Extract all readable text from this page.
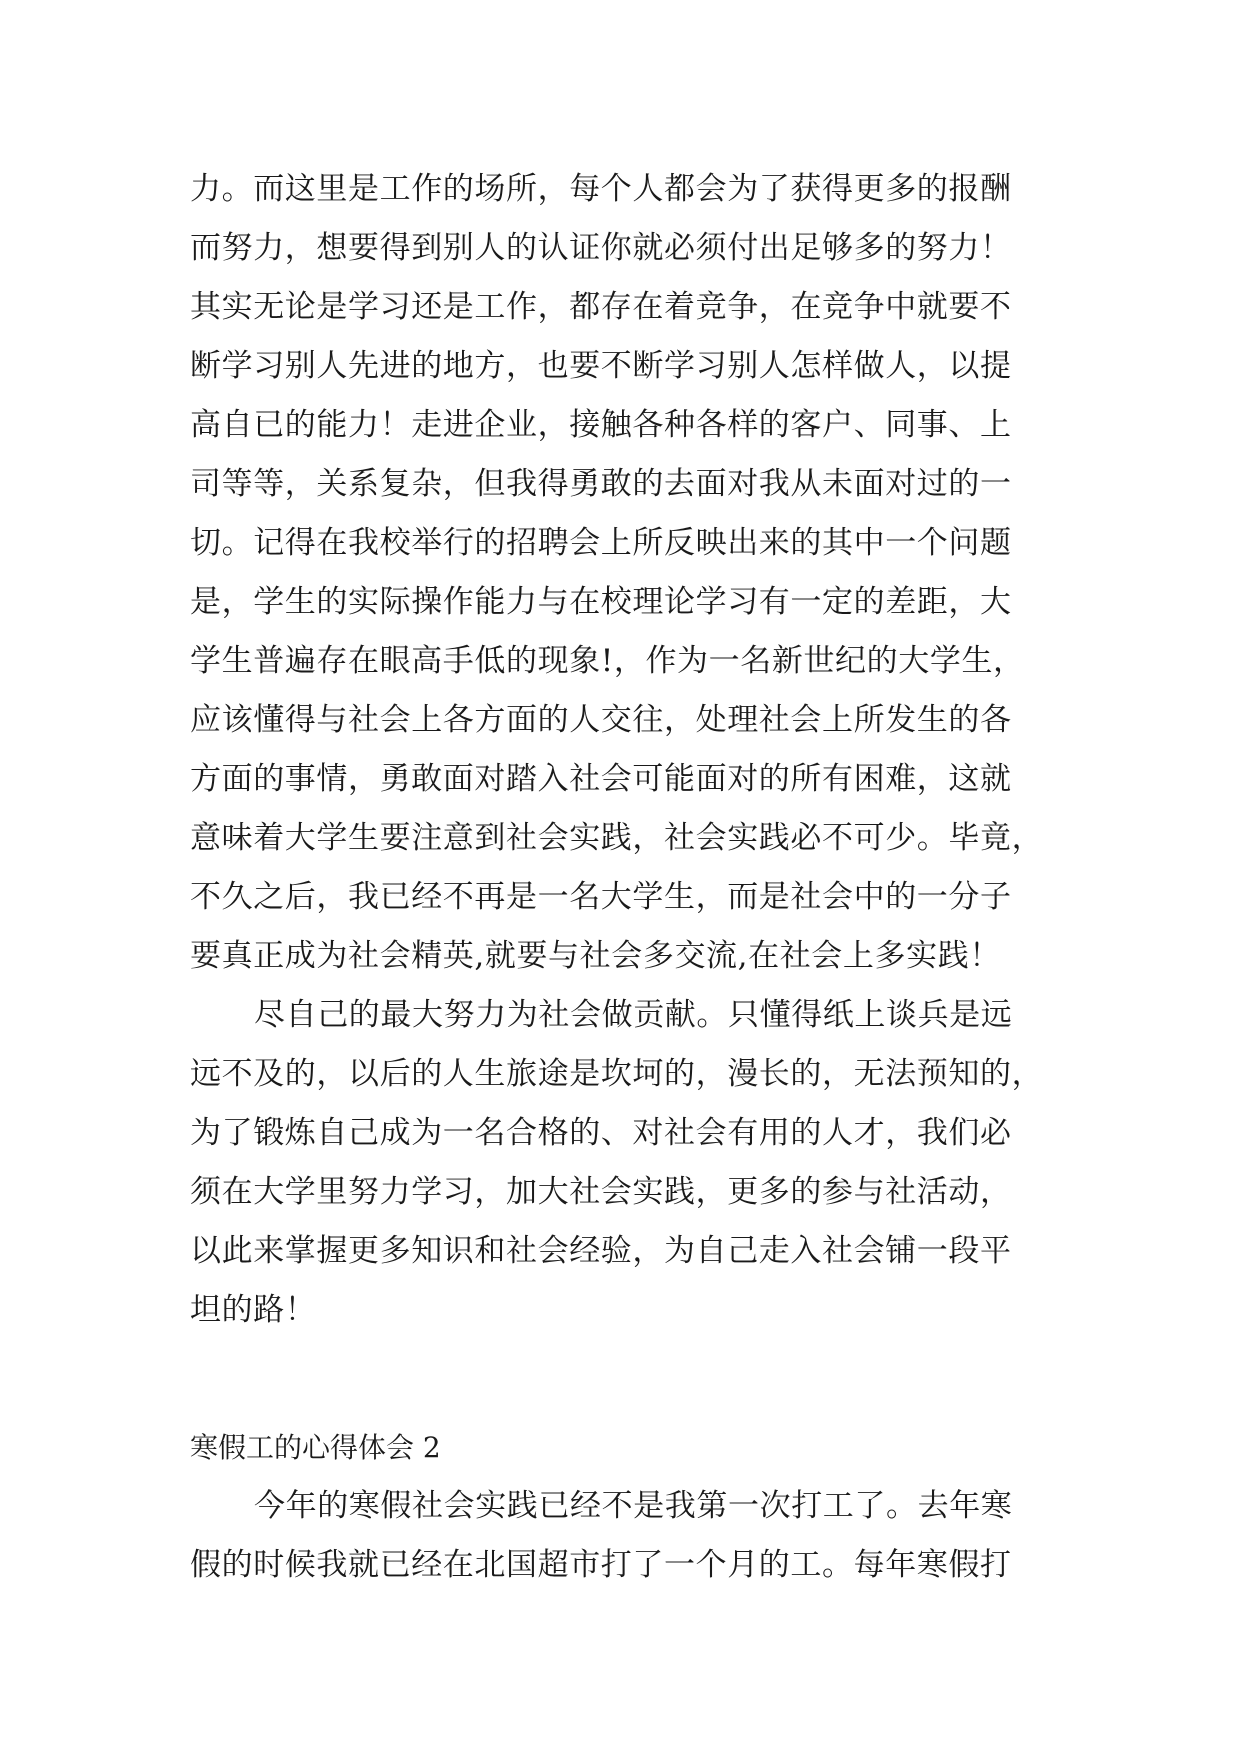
力。而这里是工作的场所，每个人都会为了获得更多的报酬
而努力，想要得到别人的认证你就必须付出足够多的努力！
其实无论是学习还是工作，都存在着竞争，在竞争中就要不
断学习别人先进的地方，也要不断学习别人怎样做人，以提
高自已的能力！走进企业，接触各种各样的客户、同事、上
司等等，关系复杂，但我得勇敢的去面对我从未面对过的一
切。记得在我校举行的招聘会上所反映出来的其中一个问题
是，学生的实际操作能力与在校理论学习有一定的差距，大
学生普遍存在眼高手低的现象!，作为一名新世纪的大学生，
应该懂得与社会上各方面的人交往，处理社会上所发生的各
方面的事情，勇敢面对踏入社会可能面对的所有困难，这就
意味着大学生要注意到社会实践，社会实践必不可少。毕竟，
不久之后，我已经不再是一名大学生，而是社会中的一分子
要真正成为社会精英,就要与社会多交流,在社会上多实践！
尽自己的最大努力为社会做贡献。只懂得纸上谈兵是远
远不及的，以后的人生旅途是坎坷的，漫长的，无法预知的，
为了锻炼自己成为一名合格的、对社会有用的人才，我们必
须在大学里努力学习，加大社会实践，更多的参与社活动，
以此来掌握更多知识和社会经验，为自己走入社会铺一段平
坦的路！
寒假工的心得体会 2
今年的寒假社会实践已经不是我第一次打工了。去年寒
假的时候我就已经在北国超市打了一个月的工。每年寒假打
